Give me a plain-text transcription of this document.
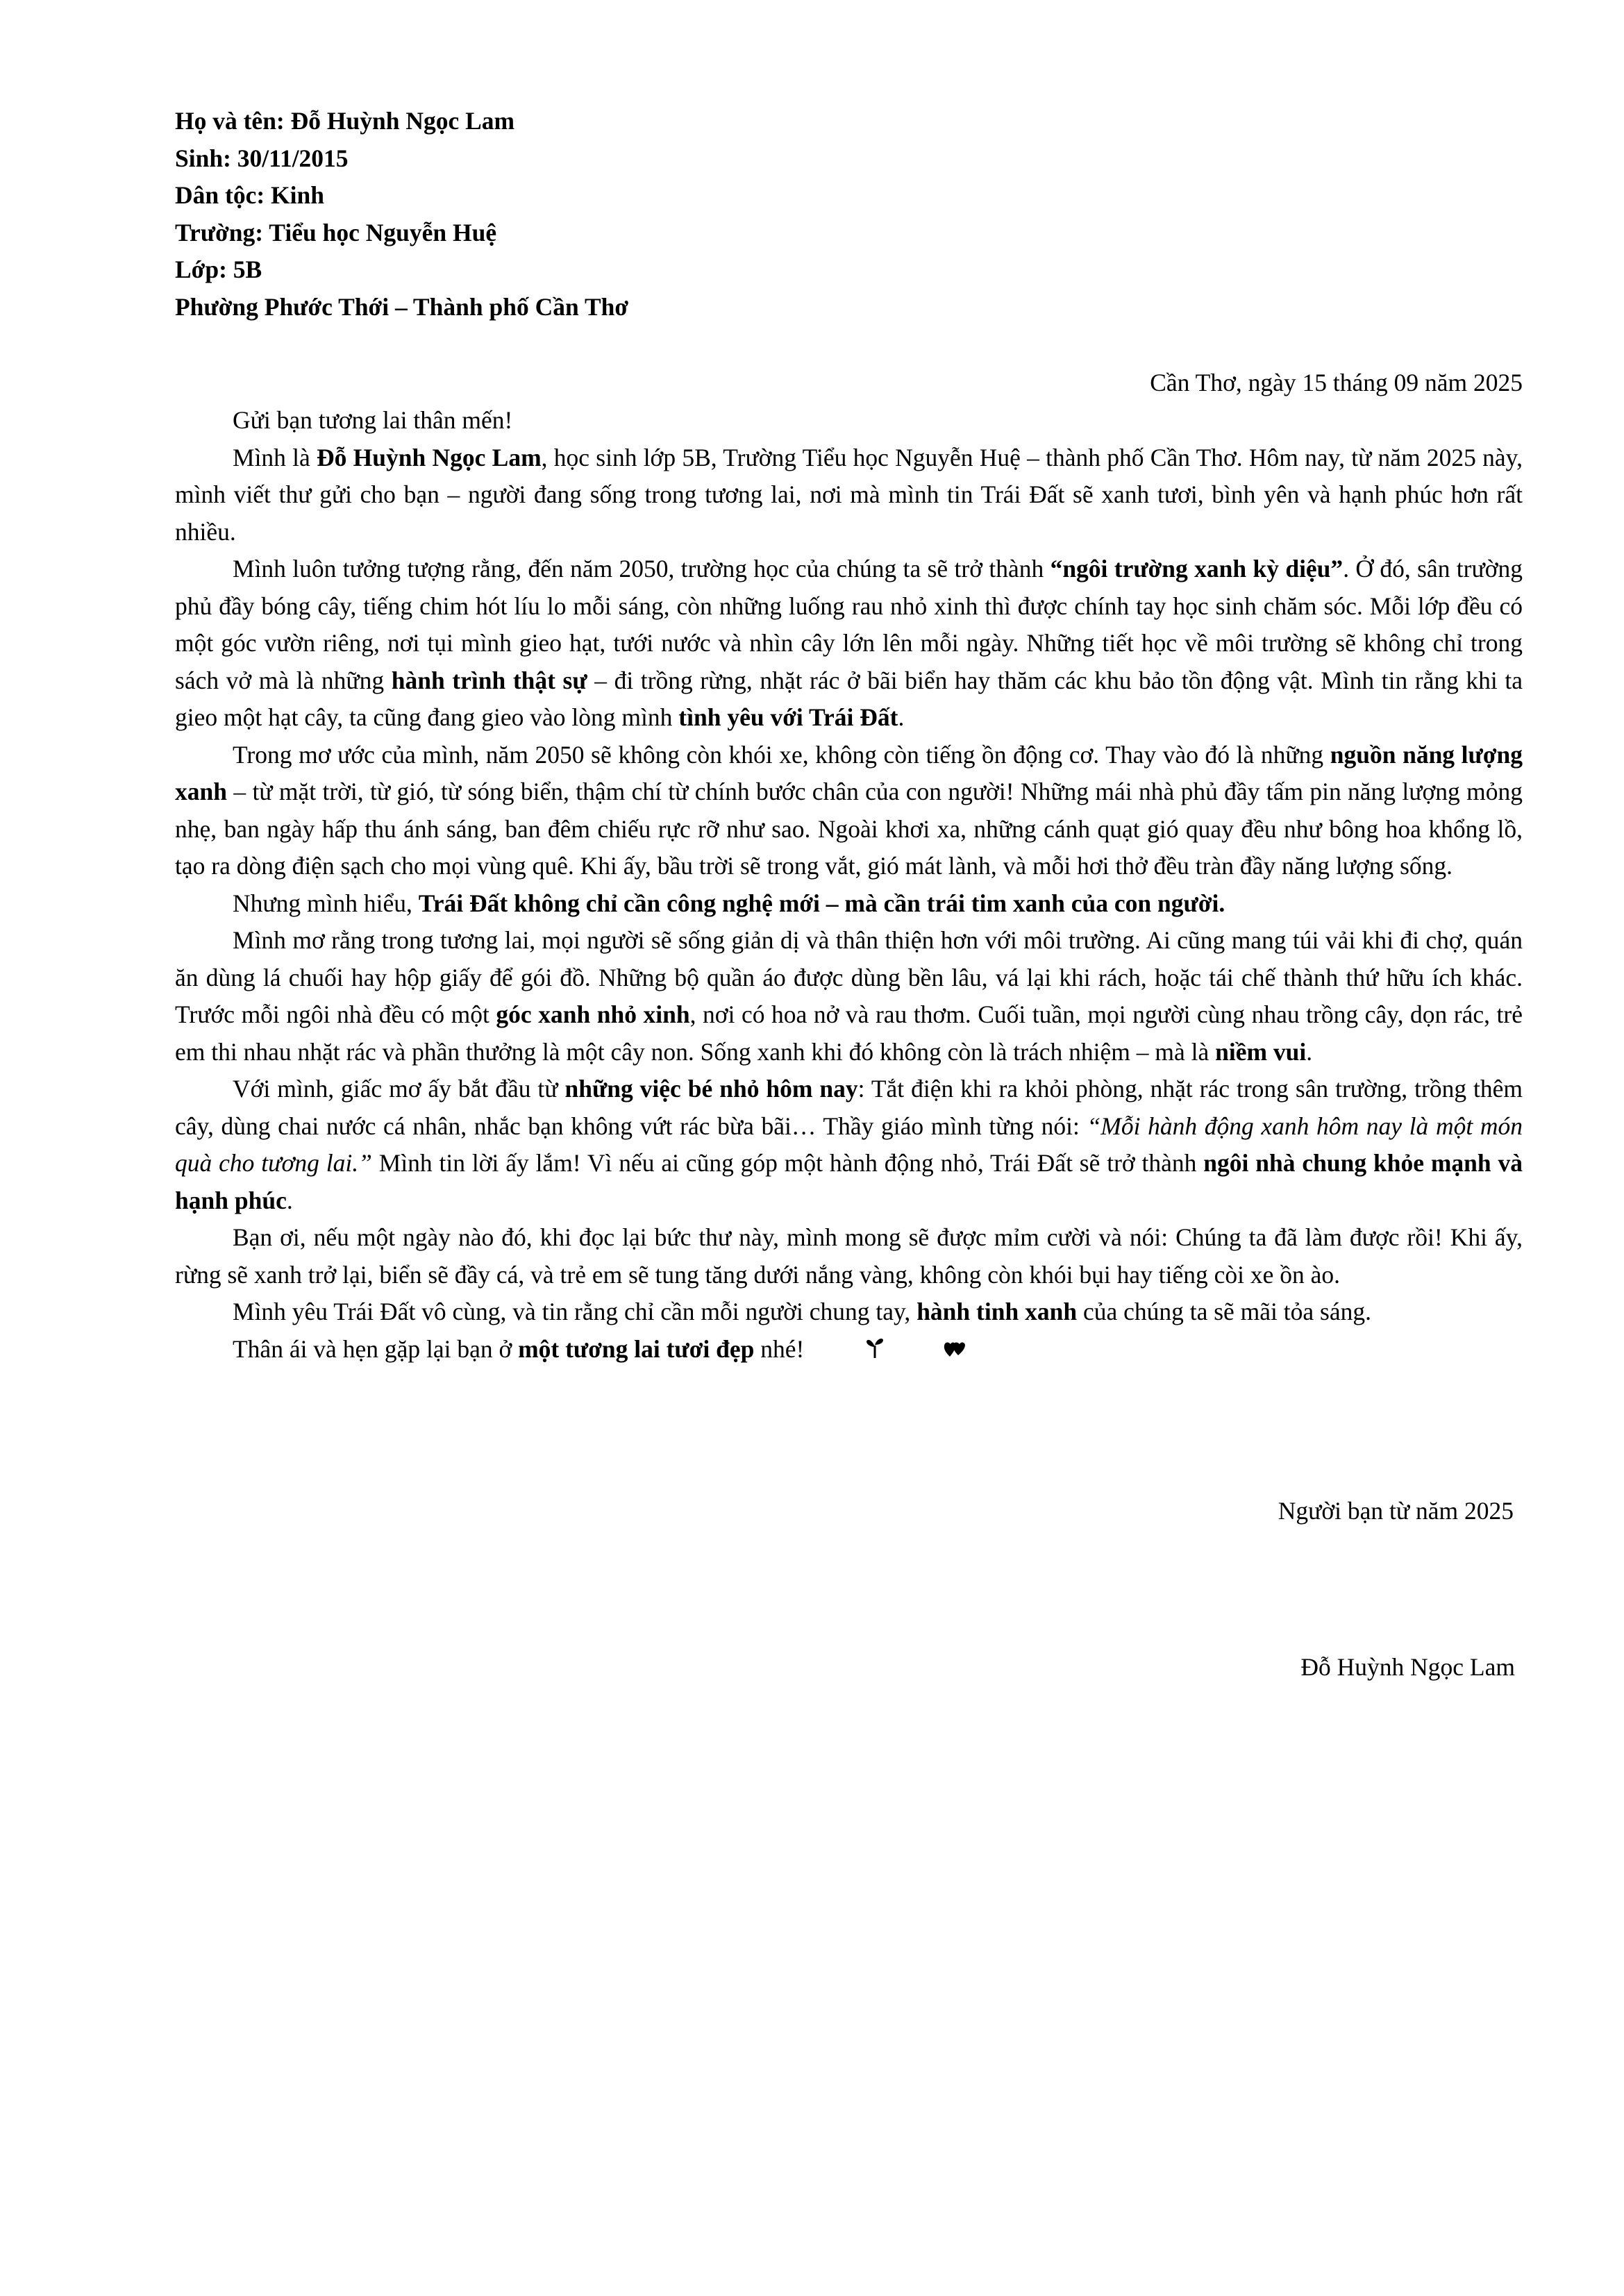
Họ và tên: Đỗ Huỳnh Ngọc Lam
Sinh: 30/11/2015
Dân tộc: Kinh
Trường: Tiểu học Nguyễn Huệ
Lớp: 5B
Phường Phước Thới – Thành phố Cần Thơ
Cần Thơ, ngày 15 tháng 09 năm 2025

Gửi bạn tương lai thân mến!

Mình là Đỗ Huỳnh Ngọc Lam, học sinh lớp 5B, Trường Tiểu học Nguyễn Huệ – thành phố Cần Thơ. Hôm nay, từ năm 2025 này, mình viết thư gửi cho bạn – người đang sống trong tương lai, nơi mà mình tin Trái Đất sẽ xanh tươi, bình yên và hạnh phúc hơn rất nhiều.

Mình luôn tưởng tượng rằng, đến năm 2050, trường học của chúng ta sẽ trở thành “ngôi trường xanh kỳ diệu”. Ở đó, sân trường phủ đầy bóng cây, tiếng chim hót líu lo mỗi sáng, còn những luống rau nhỏ xinh thì được chính tay học sinh chăm sóc. Mỗi lớp đều có một góc vườn riêng, nơi tụi mình gieo hạt, tưới nước và nhìn cây lớn lên mỗi ngày. Những tiết học về môi trường sẽ không chỉ trong sách vở mà là những hành trình thật sự – đi trồng rừng, nhặt rác ở bãi biển hay thăm các khu bảo tồn động vật. Mình tin rằng khi ta gieo một hạt cây, ta cũng đang gieo vào lòng mình tình yêu với Trái Đất.

Trong mơ ước của mình, năm 2050 sẽ không còn khói xe, không còn tiếng ồn động cơ. Thay vào đó là những nguồn năng lượng xanh – từ mặt trời, từ gió, từ sóng biển, thậm chí từ chính bước chân của con người! Những mái nhà phủ đầy tấm pin năng lượng mỏng nhẹ, ban ngày hấp thu ánh sáng, ban đêm chiếu rực rỡ như sao. Ngoài khơi xa, những cánh quạt gió quay đều như bông hoa khổng lồ, tạo ra dòng điện sạch cho mọi vùng quê. Khi ấy, bầu trời sẽ trong vắt, gió mát lành, và mỗi hơi thở đều tràn đầy năng lượng sống.

Nhưng mình hiểu, Trái Đất không chỉ cần công nghệ mới – mà cần trái tim xanh của con người.

Mình mơ rằng trong tương lai, mọi người sẽ sống giản dị và thân thiện hơn với môi trường. Ai cũng mang túi vải khi đi chợ, quán ăn dùng lá chuối hay hộp giấy để gói đồ. Những bộ quần áo được dùng bền lâu, vá lại khi rách, hoặc tái chế thành thứ hữu ích khác. Trước mỗi ngôi nhà đều có một góc xanh nhỏ xinh, nơi có hoa nở và rau thơm. Cuối tuần, mọi người cùng nhau trồng cây, dọn rác, trẻ em thi nhau nhặt rác và phần thưởng là một cây non. Sống xanh khi đó không còn là trách nhiệm – mà là niềm vui.

Với mình, giấc mơ ấy bắt đầu từ những việc bé nhỏ hôm nay: Tắt điện khi ra khỏi phòng, nhặt rác trong sân trường, trồng thêm cây, dùng chai nước cá nhân, nhắc bạn không vứt rác bừa bãi… Thầy giáo mình từng nói: “Mỗi hành động xanh hôm nay là một món quà cho tương lai.” Mình tin lời ấy lắm! Vì nếu ai cũng góp một hành động nhỏ, Trái Đất sẽ trở thành ngôi nhà chung khỏe mạnh và hạnh phúc.

Bạn ơi, nếu một ngày nào đó, khi đọc lại bức thư này, mình mong sẽ được mỉm cười và nói: Chúng ta đã làm được rồi! Khi ấy, rừng sẽ xanh trở lại, biển sẽ đầy cá, và trẻ em sẽ tung tăng dưới nắng vàng, không còn khói bụi hay tiếng còi xe ồn ào.

Mình yêu Trái Đất vô cùng, và tin rằng chỉ cần mỗi người chung tay, hành tinh xanh của chúng ta sẽ mãi tỏa sáng.

Thân ái và hẹn gặp lại bạn ở một tương lai tươi đẹp nhé!

Người bạn từ năm 2025
Đỗ Huỳnh Ngọc Lam
